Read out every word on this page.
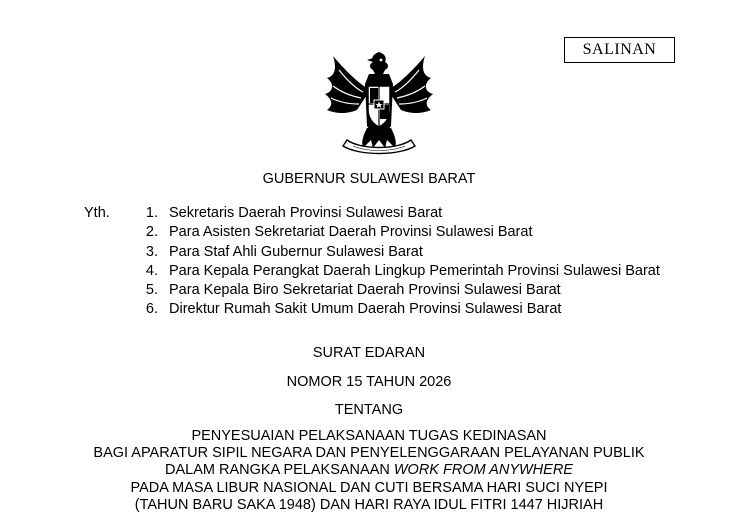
SALINAN
GUBERNUR SULAWESI BARAT
Yth.	1. Sekretaris Daerah Provinsi Sulawesi Barat
2. Para Asisten Sekretariat Daerah Provinsi Sulawesi Barat
3. Para Staf Ahli Gubernur Sulawesi Barat
4. Para Kepala Perangkat Daerah Lingkup Pemerintah Provinsi Sulawesi Barat
5. Para Kepala Biro Sekretariat Daerah Provinsi Sulawesi Barat
6. Direktur Rumah Sakit Umum Daerah Provinsi Sulawesi Barat
SURAT EDARAN
NOMOR 15 TAHUN 2026
TENTANG
PENYESUAIAN PELAKSANAAN TUGAS KEDINASAN
BAGI APARATUR SIPIL NEGARA DAN PENYELENGGARAAN PELAYANAN PUBLIK
DALAM RANGKA PELAKSANAAN WORK FROM ANYWHERE
PADA MASA LIBUR NASIONAL DAN CUTI BERSAMA HARI SUCI NYEPI
(TAHUN BARU SAKA 1948) DAN HARI RAYA IDUL FITRI 1447 HIJRIAH
